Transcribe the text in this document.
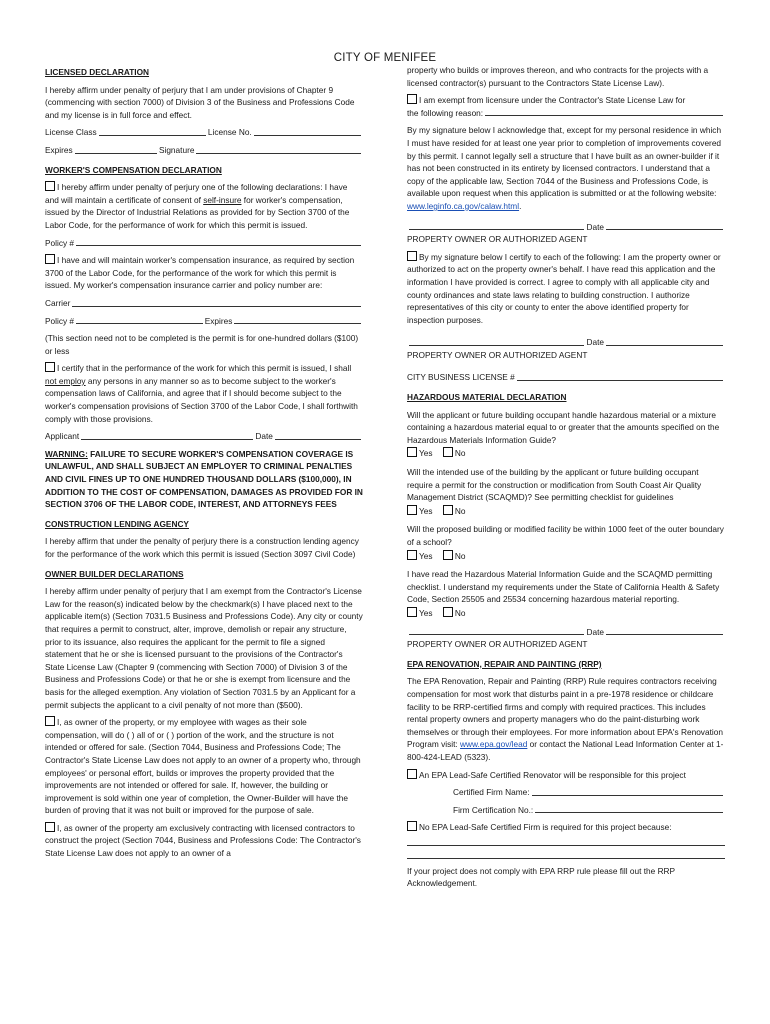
CITY OF MENIFEE
LICENSED DECLARATION

I hereby affirm under penalty of perjury that I am under provisions of Chapter 9 (commencing with section 7000) of Division 3 of the Business and Professions Code and my license is in full force and effect.

License Class	License No.
Expires	Signature
WORKER'S COMPENSATION DECLARATION

I hereby affirm under penalty of perjury one of the following declarations: I have and will maintain a certificate of consent of self-insure for worker's compensation, issued by the Director of Industrial Relations as provided for by Section 3700 of the Labor Code, for the performance of work for which this permit is issued.

Policy #

I have and will maintain worker's compensation insurance, as required by section 3700 of the Labor Code, for the performance of the work for which this permit is issued. My worker's compensation insurance carrier and policy number are:

Carrier
Policy #	Expires

(This section need not to be completed is the permit is for one-hundred dollars ($100) or less

I certify that in the performance of the work for which this permit is issued, I shall not employ any persons in any manner so as to become subject to the worker's compensation laws of California, and agree that if I should become subject to the worker's compensation provisions of Section 3700 of the Labor Code, I shall forthwith comply with those provisions.

Applicant	Date

WARNING: FAILURE TO SECURE WORKER'S COMPENSATION COVERAGE IS UNLAWFUL, AND SHALL SUBJECT AN EMPLOYER TO CRIMINAL PENALTIES AND CIVIL FINES UP TO ONE HUNDRED THOUSAND DOLLARS ($100,000), IN ADDITION TO THE COST OF COMPENSATION, DAMAGES AS PROVIDED FOR IN SECTION 3706 OF THE LABOR CODE, INTEREST, AND ATTORNEYS FEES

CONSTRUCTION LENDING AGENCY

I hereby affirm that under the penalty of perjury there is a construction lending agency for the performance of the work which this permit is issued (Section 3097 Civil Code)

OWNER BUILDER DECLARATIONS

I hereby affirm under penalty of perjury that I am exempt from the Contractor's License Law for the reason(s) indicated below by the checkmark(s) I have placed next to the applicable item(s) (Section 7031.5 Business and Professions Code). Any city or county that requires a permit to construct, alter, improve, demolish or repair any structure, prior to its issuance, also requires the applicant for the permit to file a signed statement that he or she is licensed pursuant to the provisions of the Contractor's State License Law (Chapter 9 (commencing with Section 7000) of Division 3 of the Business and Professions Code) or that he or she is exempt from licensure and the basis for the alleged exemption. Any violation of Section 7031.5 by an Applicant for a permit subjects the applicant to a civil penalty of not more than ($500).

I, as owner of the property, or my employee with wages as their sole compensation, will do ( ) all of or ( ) portion of the work, and the structure is not intended or offered for sale. (Section 7044, Business and Professions Code; The Contractor's State License Law does not apply to an owner of a property who, through employees' or personal effort, builds or improves the property provided that the improvements are not intended or offered for sale. If, however, the building or improvement is sold within one year of completion, the Owner-Builder will have the burden of proving that it was not built or improved for the purpose of sale.

I, as owner of the property am exclusively contracting with licensed contractors to construct the project (Section 7044, Business and Professions Code: The Contractor's State License Law does not apply to an owner of a

property who builds or improves thereon, and who contracts for the projects with a licensed contractor(s) pursuant to the Contractors State License Law).

I am exempt from licensure under the Contractor's State License Law for

the following reason:

By my signature below I acknowledge that, except for my personal residence in which I must have resided for at least one year prior to completion of improvements covered by this permit. I cannot legally sell a structure that I have built as an owner-builder if it has not been constructed in its entirety by licensed contractors. I understand that a copy of the applicable law, Section 7044 of the Business and Professions Code, is available upon request when this application is submitted or at the following website: www.leginfo.ca.gov/calaw.html.

Date
PROPERTY OWNER OR AUTHORIZED AGENT

By my signature below I certify to each of the following: I am the property owner or authorized to act on the property owner's behalf. I have read this application and the information I have provided is correct. I agree to comply with all applicable city and county ordinances and state laws relating to building construction. I authorize representatives of this city or county to enter the above identified property for inspection purposes.

Date
PROPERTY OWNER OR AUTHORIZED AGENT
CITY BUSINESS LICENSE #
HAZARDOUS MATERIAL DECLARATION

Will the applicant or future building occupant handle hazardous material or a mixture containing a hazardous material equal to or greater that the amounts specified on the Hazardous Materials Information Guide?

Yes	No

Will the intended use of the building by the applicant or future building occupant require a permit for the construction or modification from South Coast Air Quality Management District (SCAQMD)? See permitting checklist for guidelines

Yes	No

Will the proposed building or modified facility be within 1000 feet of the outer boundary of a school?

Yes	No

I have read the Hazardous Material Information Guide and the SCAQMD permitting checklist. I understand my requirements under the State of California Health & Safety Code, Section 25505 and 25534 concerning hazardous material reporting.

Yes	No
Date
PROPERTY OWNER OR AUTHORIZED AGENT
EPA RENOVATION, REPAIR AND PAINTING (RRP)

The EPA Renovation, Repair and Painting (RRP) Rule requires contractors receiving compensation for most work that disturbs paint in a pre-1978 residence or childcare facility to be RRP-certified firms and comply with required practices. This includes rental property owners and property managers who do the paint-disturbing work themselves or through their employees. For more information about EPA's Renovation Program visit: www.epa.gov/lead or contact the National Lead Information Center at 1-800-424-LEAD (5323).

An EPA Lead-Safe Certified Renovator will be responsible for this project

Certified Firm Name:
Firm Certification No.:

No EPA Lead-Safe Certified Firm is required for this project because:

If your project does not comply with EPA RRP rule please fill out the RRP Acknowledgement.
